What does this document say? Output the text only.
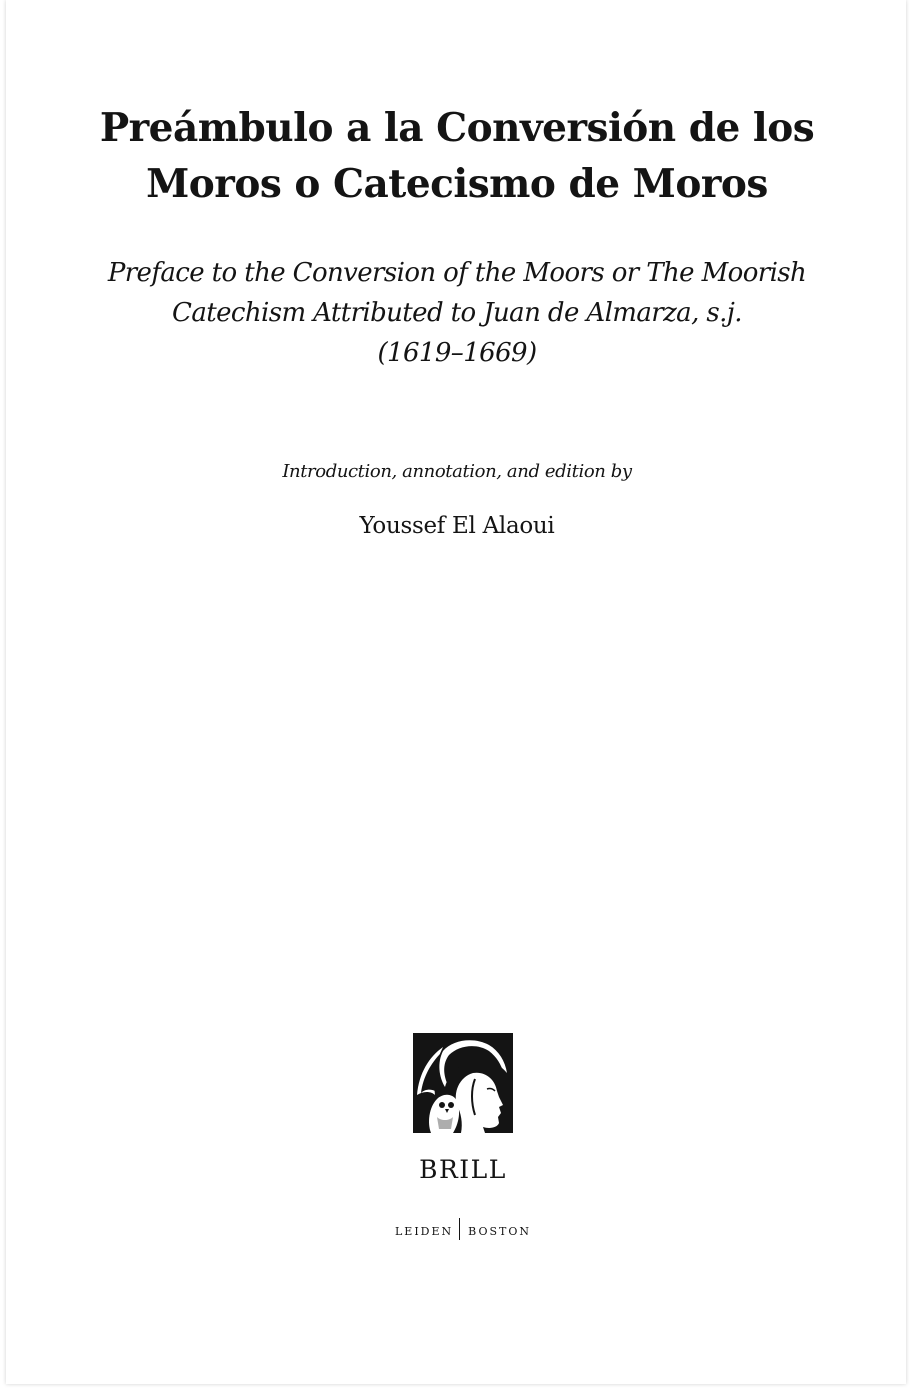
Preámbulo a la Conversión de los
Moros o Catecismo de Moros
Preface to the Conversion of the Moors or The Moorish
Catechism Attributed to Juan de Almarza, s.j.
(1619–1669)
Introduction, annotation, and edition by
Youssef El Alaoui
BRILL
leiden boston
